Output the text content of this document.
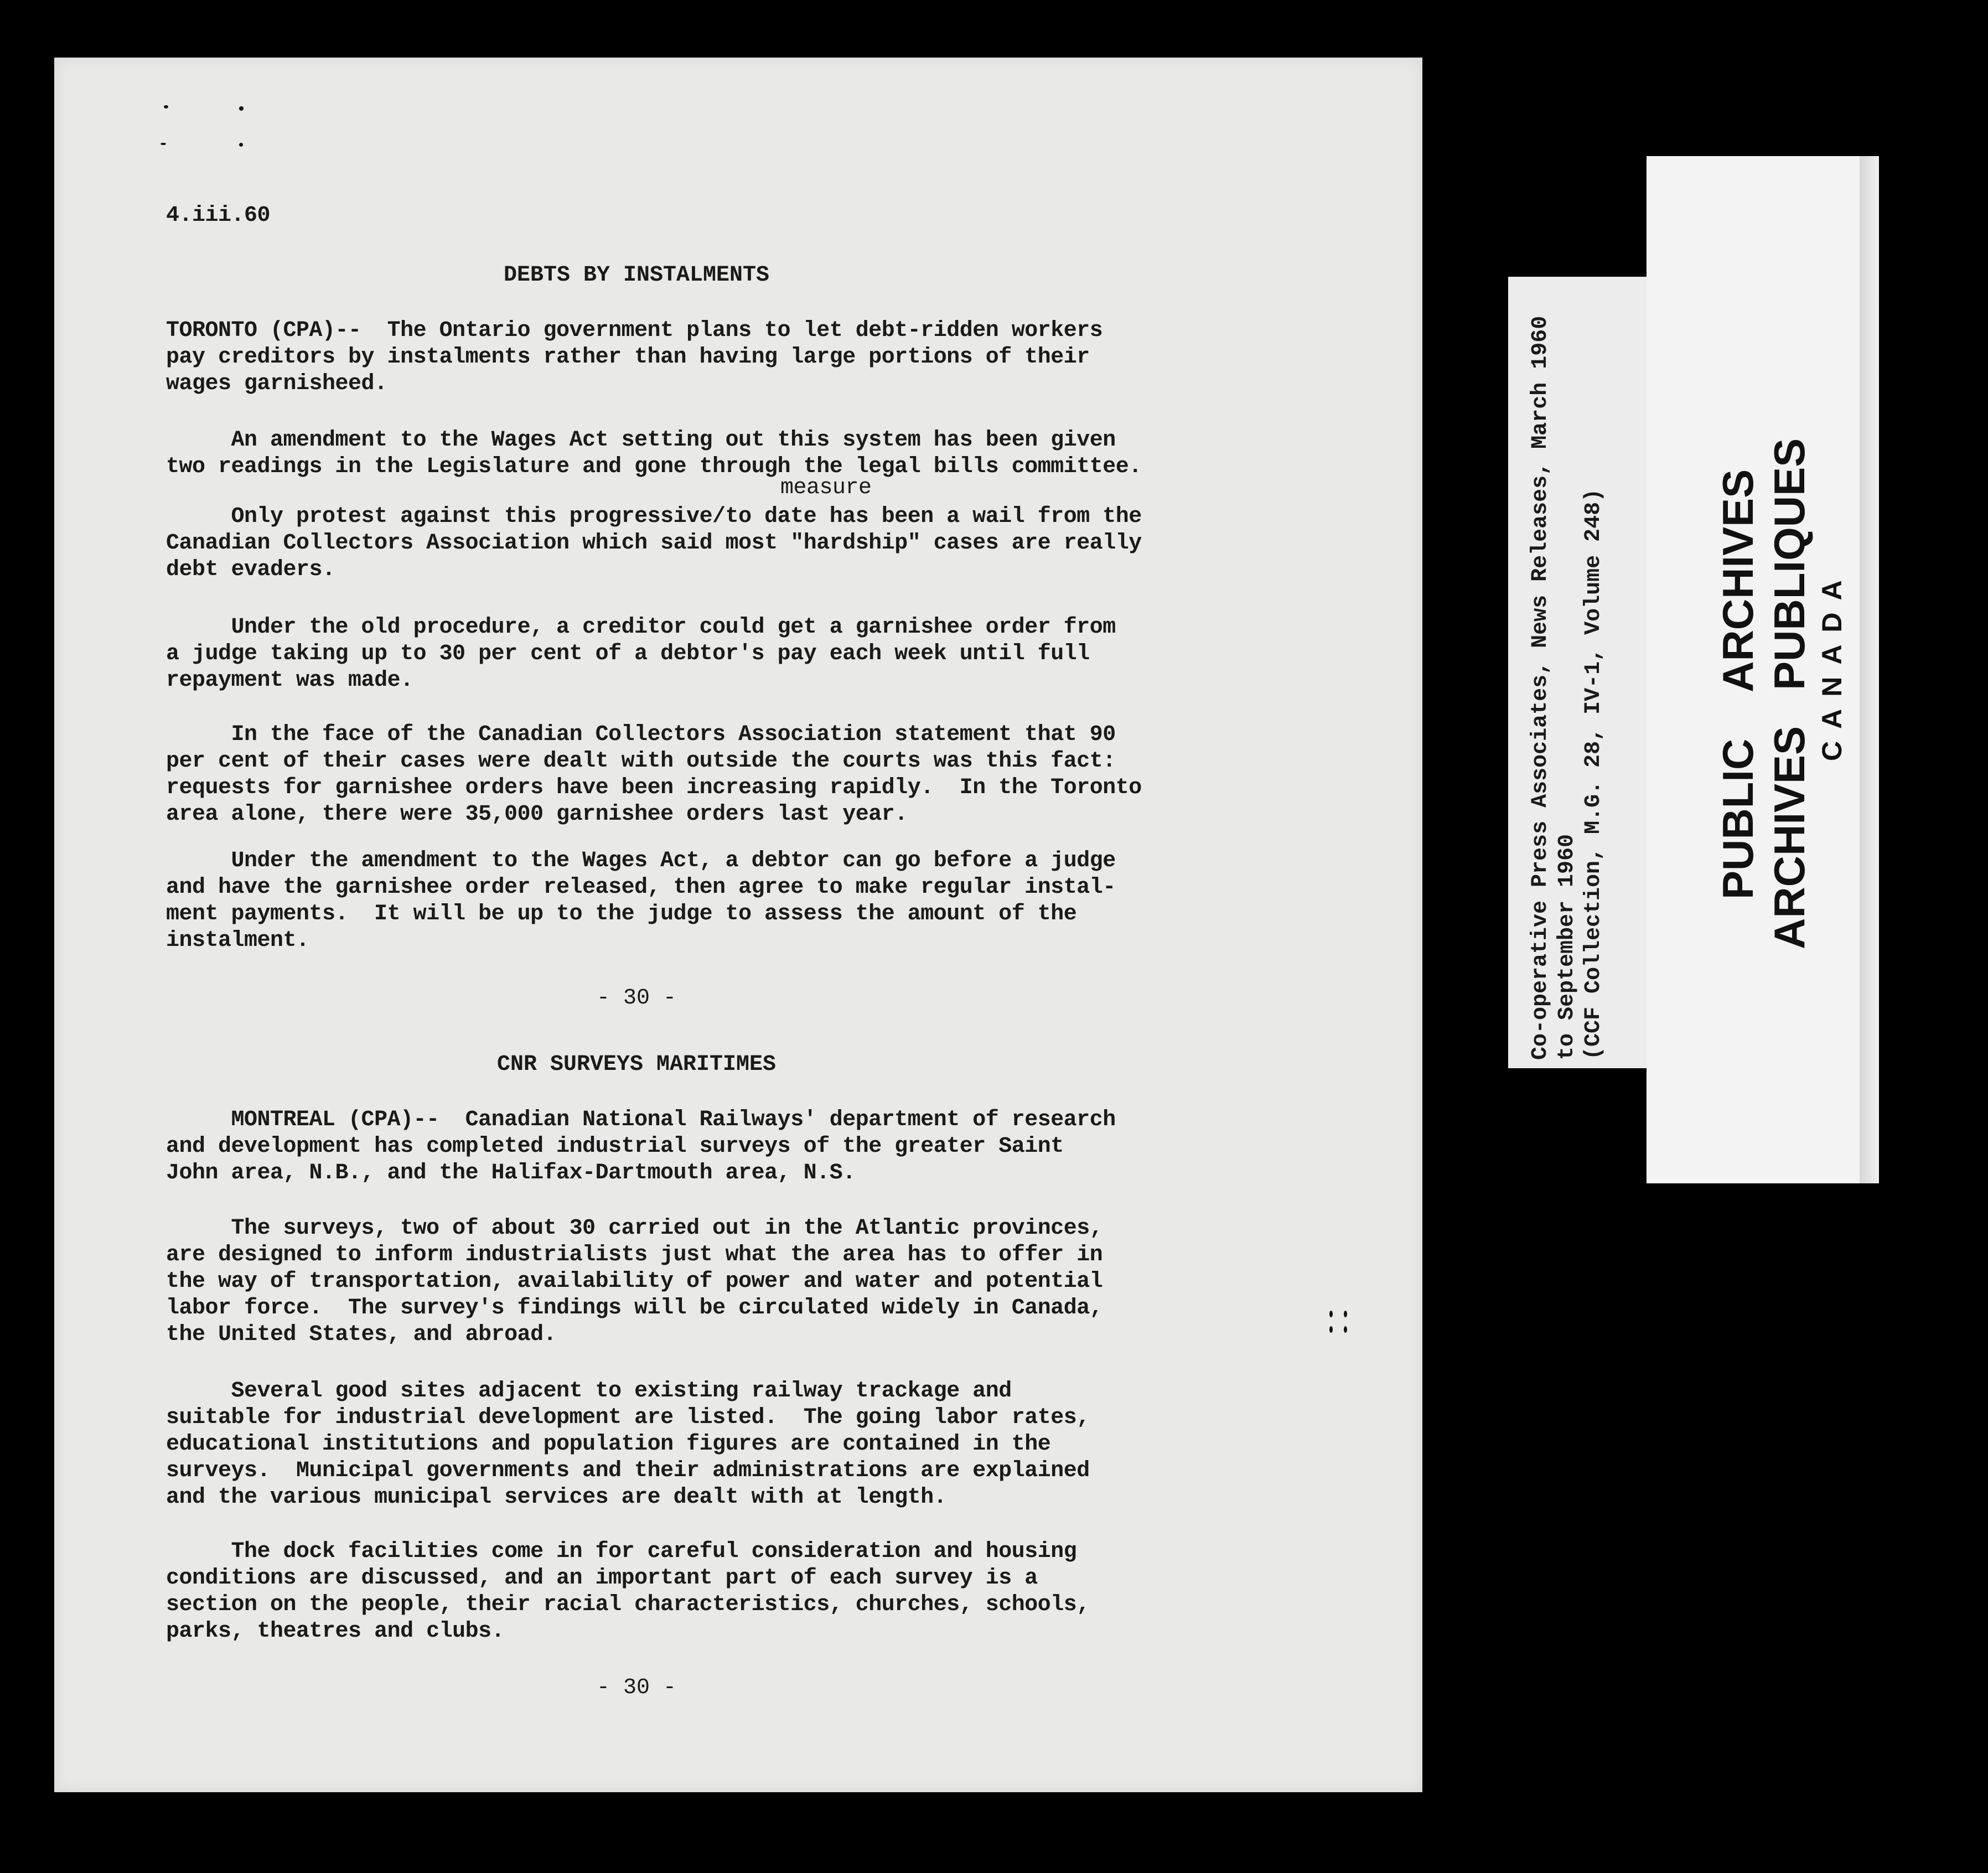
4.iii.60
DEBTS BY INSTALMENTS
TORONTO (CPA)--  The Ontario government plans to let debt-ridden workers
pay creditors by instalments rather than having large portions of their
wages garnisheed.
An amendment to the Wages Act setting out this system has been given
two readings in the Legislature and gone through the legal bills committee.
measure
Only protest against this progressive/to date has been a wail from the
Canadian Collectors Association which said most "hardship" cases are really
debt evaders.
Under the old procedure, a creditor could get a garnishee order from
a judge taking up to 30 per cent of a debtor's pay each week until full
repayment was made.
In the face of the Canadian Collectors Association statement that 90
per cent of their cases were dealt with outside the courts was this fact:
requests for garnishee orders have been increasing rapidly.  In the Toronto
area alone, there were 35,000 garnishee orders last year.
Under the amendment to the Wages Act, a debtor can go before a judge
and have the garnishee order released, then agree to make regular instal-
ment payments.  It will be up to the judge to assess the amount of the
instalment.
- 30 -
CNR SURVEYS MARITIMES
MONTREAL (CPA)--  Canadian National Railways' department of research
and development has completed industrial surveys of the greater Saint
John area, N.B., and the Halifax-Dartmouth area, N.S.
The surveys, two of about 30 carried out in the Atlantic provinces,
are designed to inform industrialists just what the area has to offer in
the way of transportation, availability of power and water and potential
labor force.  The survey's findings will be circulated widely in Canada,
the United States, and abroad.
Several good sites adjacent to existing railway trackage and
suitable for industrial development are listed.  The going labor rates,
educational institutions and population figures are contained in the
surveys.  Municipal governments and their administrations are explained
and the various municipal services are dealt with at length.
The dock facilities come in for careful consideration and housing
conditions are discussed, and an important part of each survey is a
section on the people, their racial characteristics, churches, schools,
parks, theatres and clubs.
- 30 -
Co-operative Press Associates, News Releases, March 1960
to September 1960
(CCF Collection, M.G. 28, IV-1, Volume 248) PUBLIC    ARCHIVES ARCHIVES   PUBLIQUES CANADA
